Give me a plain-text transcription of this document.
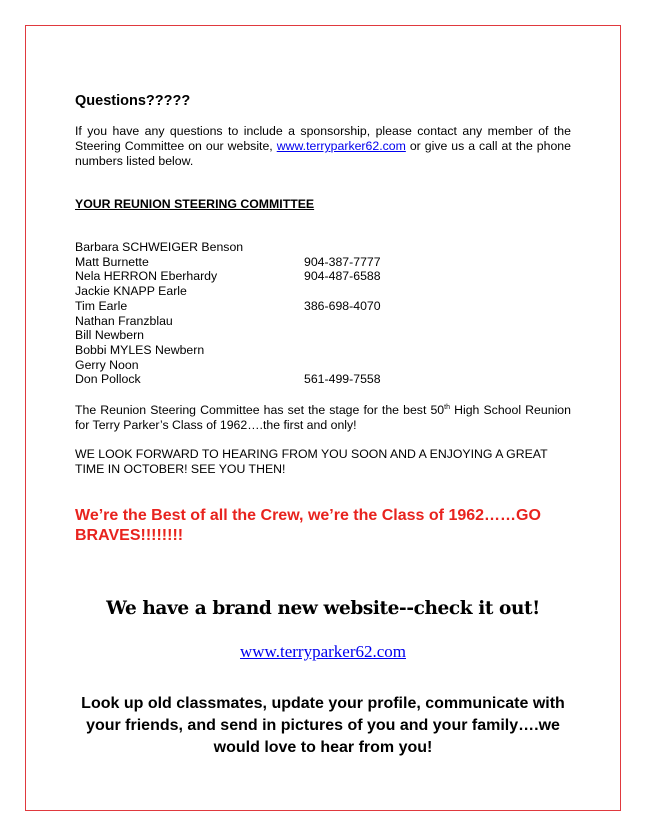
Questions?????
If you have any questions to include a sponsorship, please contact any member of the Steering Committee on our website, www.terryparker62.com or give us a call at the phone numbers listed below.
YOUR REUNION STEERING COMMITTEE
Barbara SCHWEIGER Benson
Matt Burnette	904-387-7777
Nela HERRON Eberhardy	904-487-6588
Jackie KNAPP Earle
Tim Earle	386-698-4070
Nathan Franzblau
Bill Newbern
Bobbi MYLES Newbern
Gerry Noon
Don Pollock	561-499-7558
The Reunion Steering Committee has set the stage for the best 50th High School Reunion for Terry Parker’s Class of 1962….the first and only!
WE LOOK FORWARD TO HEARING FROM YOU SOON AND A ENJOYING A GREAT TIME IN OCTOBER! SEE YOU THEN!
We’re the Best of all the Crew, we’re the Class of 1962……GO BRAVES!!!!!!!!
We have a brand new website--check it out!
www.terryparker62.com
Look up old classmates, update your profile, communicate with your friends, and send in pictures of you and your family….we would love to hear from you!
